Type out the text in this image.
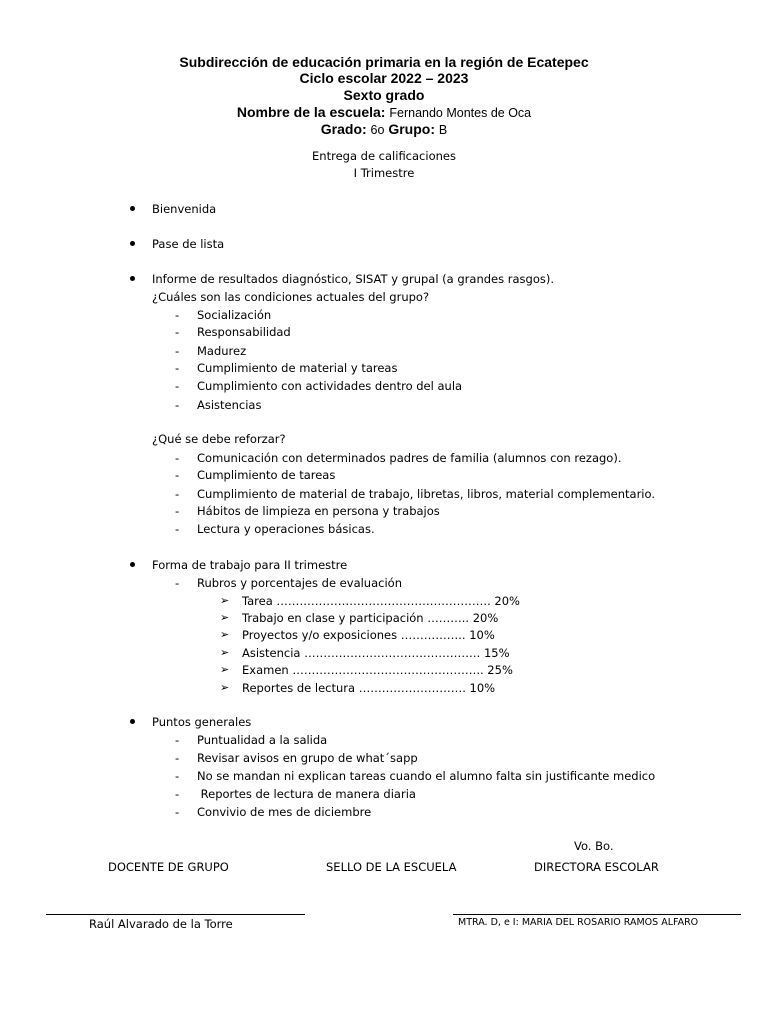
Subdirección de educación primaria en la región de Ecatepec
Ciclo escolar 2022 – 2023
Sexto grado
Nombre de la escuela: Fernando Montes de Oca
Grado: 6o Grupo: B
Entrega de calificaciones
I Trimestre
Bienvenida
Pase de lista
Informe de resultados diagnóstico, SISAT y grupal (a grandes rasgos).
¿Cuáles son las condiciones actuales del grupo?
- Socialización
- Responsabilidad
- Madurez
- Cumplimiento de material y tareas
- Cumplimiento con actividades dentro del aula
- Asistencias
¿Qué se debe reforzar?
- Comunicación con determinados padres de familia (alumnos con rezago).
- Cumplimiento de tareas
- Cumplimiento de material de trabajo, libretas, libros, material complementario.
- Hábitos de limpieza en persona y trabajos
- Lectura y operaciones básicas.
Forma de trabajo para II trimestre
- Rubros y porcentajes de evaluación
➢ Tarea ……………………………………………….. 20%
➢ Trabajo en clase y participación ……….. 20%
➢ Proyectos y/o exposiciones …………….. 10%
➢ Asistencia ………………………………………. 15%
➢ Examen ………………………………………….. 25%
➢ Reportes de lectura ………………………. 10%
Puntos generales
- Puntualidad a la salida
- Revisar avisos en grupo de what´sapp
- No se mandan ni explican tareas cuando el alumno falta sin justificante medico
- Reportes de lectura de manera diaria
- Convivio de mes de diciembre
Vo. Bo.
DOCENTE DE GRUPO	SELLO DE LA ESCUELA	DIRECTORA ESCOLAR
Raúl Alvarado de la Torre	MTRA. D, e I: MARIA DEL ROSARIO RAMOS ALFARO
